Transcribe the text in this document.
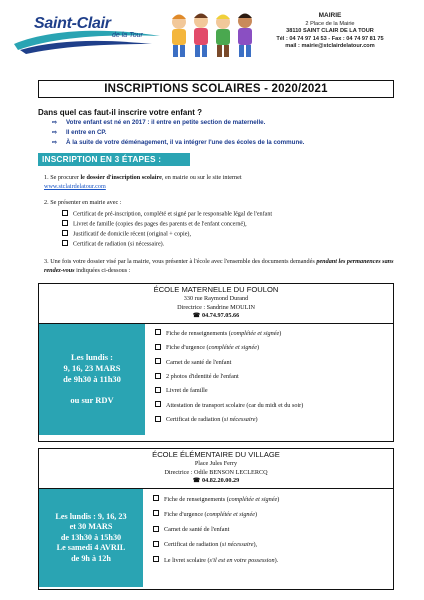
Saint-Clair
de la Tour
MAIRIE
2 Place de la Mairie
38110 SAINT CLAIR DE LA TOUR
Tél : 04 74 97 14 53 - Fax : 04 74 97 81 75
mail : mairie@stclairdelatour.com
INSCRIPTIONS SCOLAIRES - 2020/2021
Dans quel cas faut-il inscrire votre enfant ?
⇨ Votre enfant est né en 2017 : il entre en petite section de maternelle.
⇨ Il entre en CP.
⇨ À la suite de votre déménagement, il va intégrer l'une des écoles de la commune.
INSCRIPTION EN 3 ÉTAPES :
1. Se procurer le dossier d'inscription scolaire, en mairie ou sur le site internet
www.stclairdelatour.com
2. Se présenter en mairie avec :
Certificat de pré-inscription, complété et signé par le responsable légal de l'enfant
Livret de famille (copies des pages des parents et de l'enfant concerné),
Justificatif de domicile récent (original + copie),
Certificat de radiation (si nécessaire).
3. Une fois votre dossier visé par la mairie, vous présenter à l'école avec l'ensemble des documents demandés pendant les permanences sans rendez-vous indiquées ci-dessous :
ÉCOLE MATERNELLE DU FOULON
330 rue Raymond Durand
Directrice : Sandrine MOULIN
☎ 04.74.97.05.66
Les lundis :
9, 16, 23 MARS
de 9h30 à 11h30
ou sur RDV
Fiche de renseignements (complétée et signée)
Fiche d'urgence (complétée et signée)
Carnet de santé de l'enfant
2 photos d'identité de l'enfant
Livret de famille
Attestation de transport scolaire (car du midi et du soir)
Certificat de radiation (si nécessaire)
ÉCOLE ÉLÉMENTAIRE DU VILLAGE
Place Jules Ferry
Directrice : Odile BENSON LECLERCQ
☎ 04.82.20.00.29
Les lundis : 9, 16, 23
et 30 MARS
de 13h30 à 15h30
Le samedi 4 AVRIL
de 9h à 12h
Fiche de renseignements (complétée et signée)
Fiche d'urgence (complétée et signée)
Carnet de santé de l'enfant
Certificat de radiation (si nécessaire),
Le livret scolaire (s'il est en votre possession).
